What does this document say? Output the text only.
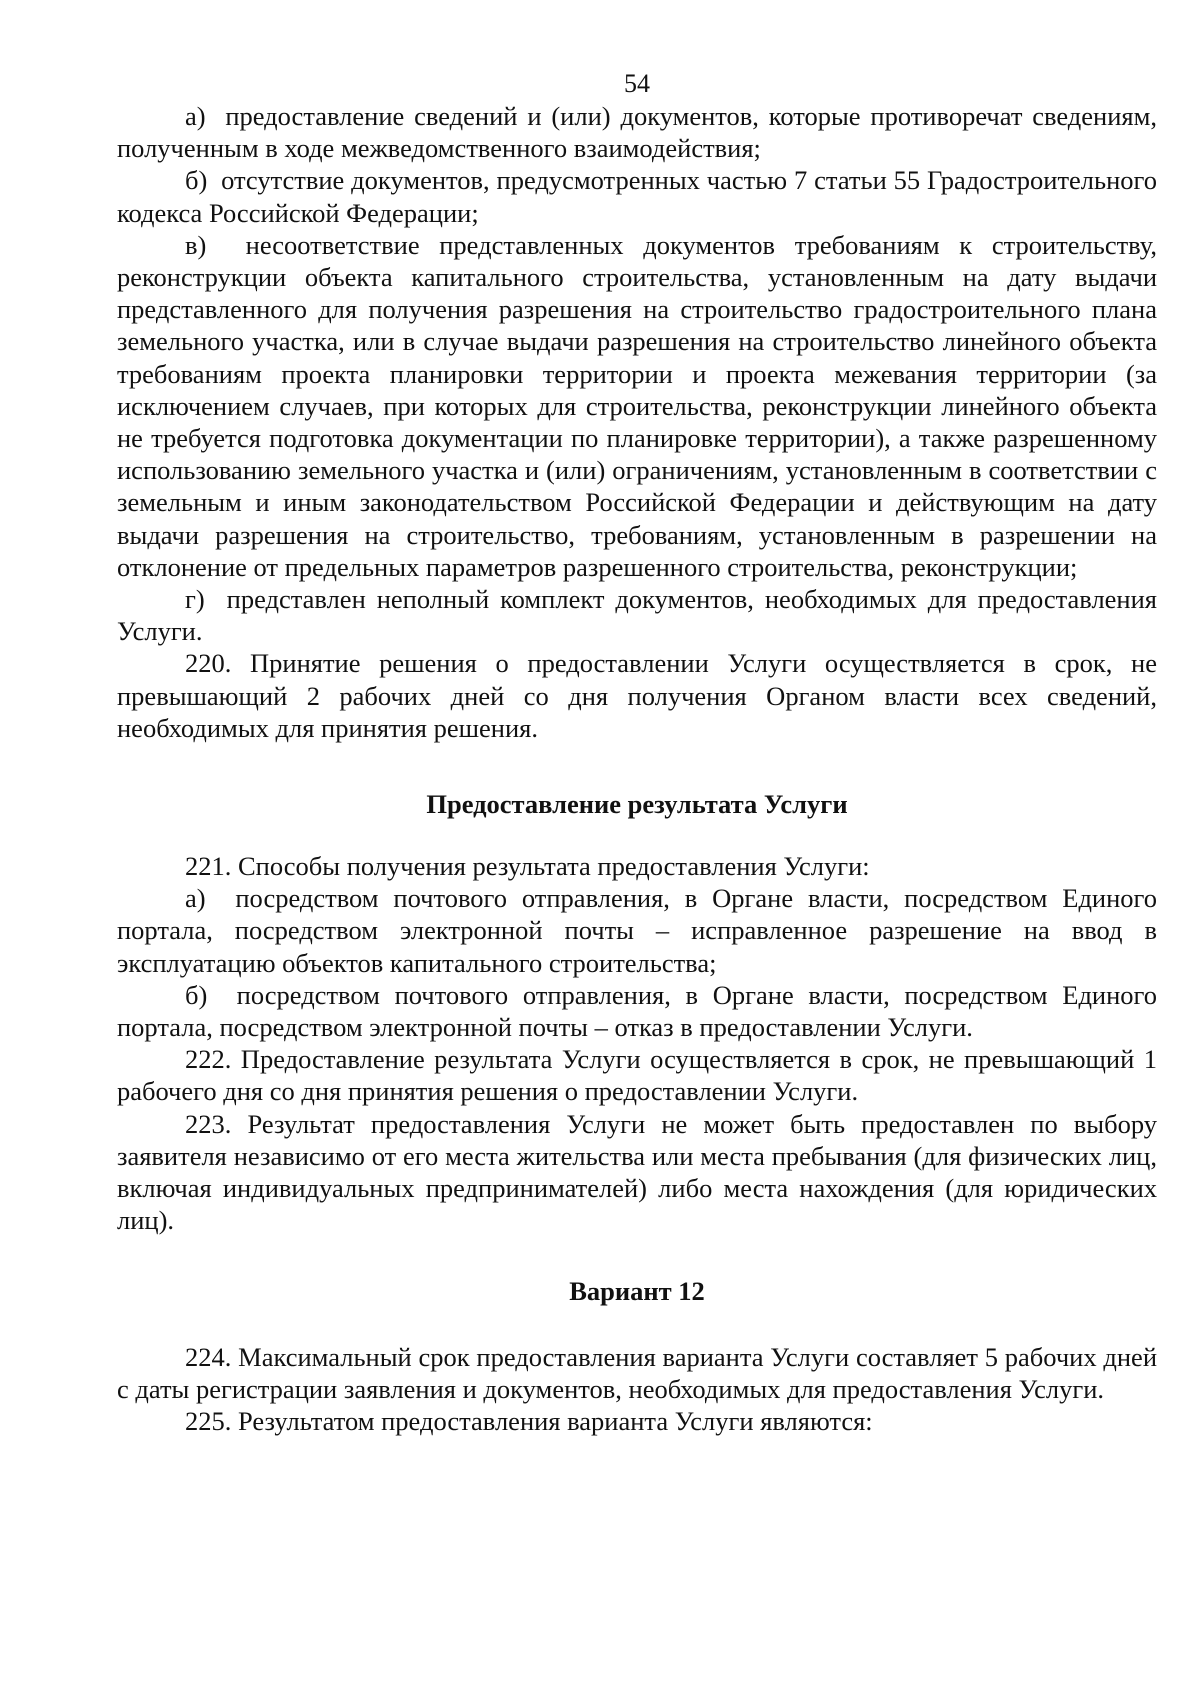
54

а)  предоставление сведений и (или) документов, которые противоречат сведениям, полученным в ходе межведомственного взаимодействия;

б)  отсутствие документов, предусмотренных частью 7 статьи 55 Градостроительного кодекса Российской Федерации;

в)  несоответствие представленных документов требованиям к строительству, реконструкции объекта капитального строительства, установленным на дату выдачи представленного для получения разрешения на строительство градостроительного плана земельного участка, или в случае выдачи разрешения на строительство линейного объекта требованиям проекта планировки территории и проекта межевания территории (за исключением случаев, при которых для строительства, реконструкции линейного объекта не требуется подготовка документации по планировке территории), а также разрешенному использованию земельного участка и (или) ограничениям, установленным в соответствии с земельным и иным законодательством Российской Федерации и действующим на дату выдачи разрешения на строительство, требованиям, установленным в разрешении на отклонение от предельных параметров разрешенного строительства, реконструкции;

г)  представлен неполный комплект документов, необходимых для предоставления Услуги.

220. Принятие решения о предоставлении Услуги осуществляется в срок, не превышающий 2 рабочих дней со дня получения Органом власти всех сведений, необходимых для принятия решения.

Предоставление результата Услуги

221. Способы получения результата предоставления Услуги:

а)  посредством почтового отправления, в Органе власти, посредством Единого портала, посредством электронной почты – исправленное разрешение на ввод в эксплуатацию объектов капитального строительства;

б)  посредством почтового отправления, в Органе власти, посредством Единого портала, посредством электронной почты – отказ в предоставлении Услуги.

222. Предоставление результата Услуги осуществляется в срок, не превышающий 1 рабочего дня со дня принятия решения о предоставлении Услуги.

223. Результат предоставления Услуги не может быть предоставлен по выбору заявителя независимо от его места жительства или места пребывания (для физических лиц, включая индивидуальных предпринимателей) либо места нахождения (для юридических лиц).

Вариант 12

224. Максимальный срок предоставления варианта Услуги составляет 5 рабочих дней с даты регистрации заявления и документов, необходимых для предоставления Услуги.

225. Результатом предоставления варианта Услуги являются:
